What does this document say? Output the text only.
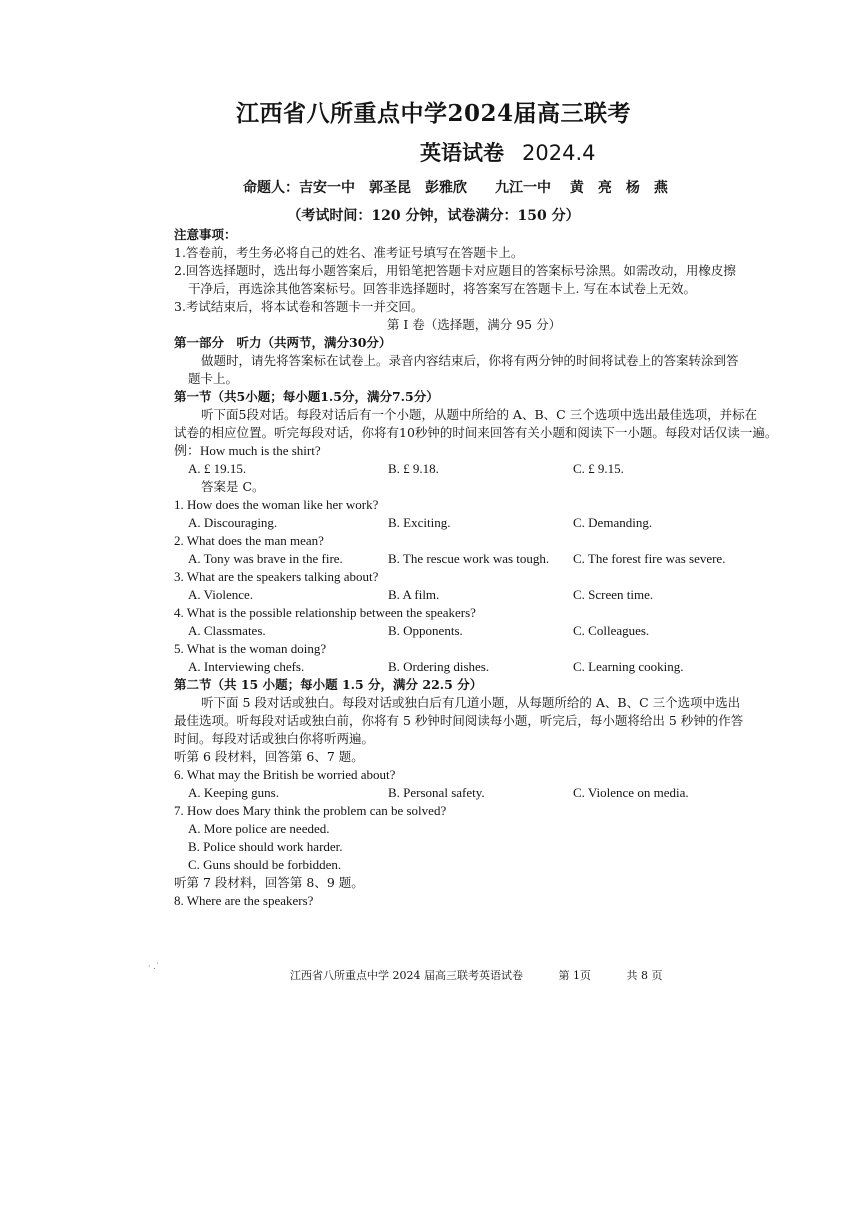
江西省八所重点中学2024届高三联考
英语试卷 2024.4
命题人：吉安一中　郭圣昆　彭雅欣　　九江一中　 黄　亮　杨　燕
（考试时间：120 分钟，试卷满分：150 分）
注意事项：
1.答卷前，考生务必将自己的姓名、准考证号填写在答题卡上。
2.回答选择题时，选出每小题答案后，用铅笔把答题卡对应题目的答案标号涂黑。如需改动，用橡皮擦
干净后，再选涂其他答案标号。回答非选择题时，将答案写在答题卡上. 写在本试卷上无效。
3.考试结束后，将本试卷和答题卡一并交回。
第 I 卷（选择题，满分 95 分）
第一部分　听力（共两节，满分30分）
做题时，请先将答案标在试卷上。录音内容结束后，你将有两分钟的时间将试卷上的答案转涂到答
题卡上。
第一节（共5小题；每小题1.5分，满分7.5分）
听下面5段对话。每段对话后有一个小题，从题中所给的 A、B、C 三个选项中选出最佳选项，并标在
试卷的相应位置。听完每段对话，你将有10秒钟的时间来回答有关小题和阅读下一小题。每段对话仅读一遍。
例：How much is the shirt?
A. £ 19.15.	B. £ 9.18.	C. £ 9.15.
答案是 C。
1. How does the woman like her work?
A. Discouraging.	B. Exciting.	C. Demanding.
2. What does the man mean?
A. Tony was brave in the fire.	B. The rescue work was tough.	C. The forest fire was severe.
3. What are the speakers talking about?
A. Violence.	B. A film.	C. Screen time.
4. What is the possible relationship between the speakers?
A. Classmates.	B. Opponents.	C. Colleagues.
5. What is the woman doing?
A. Interviewing chefs.	B. Ordering dishes.	C. Learning cooking.
第二节（共 15 小题；每小题 1.5 分，满分 22.5 分）
听下面 5 段对话或独白。每段对话或独白后有几道小题，从每题所给的 A、B、C 三个选项中选出
最佳选项。听每段对话或独白前，你将有 5 秒钟时间阅读每小题，听完后，每小题将给出 5 秒钟的作答
时间。每段对话或独白你将听两遍。
听第 6 段材料，回答第 6、7 题。
6. What may the British be worried about?
A. Keeping guns.	B. Personal safety.	C. Violence on media.
7. How does Mary think the problem can be solved?
A. More police are needed.
B. Police should work harder.
C. Guns should be forbidden.
听第 7 段材料，回答第 8、9 题。
8. Where are the speakers?
· .˙
江西省八所重点中学 2024 届高三联考英语试卷	第 1页	共 8 页
